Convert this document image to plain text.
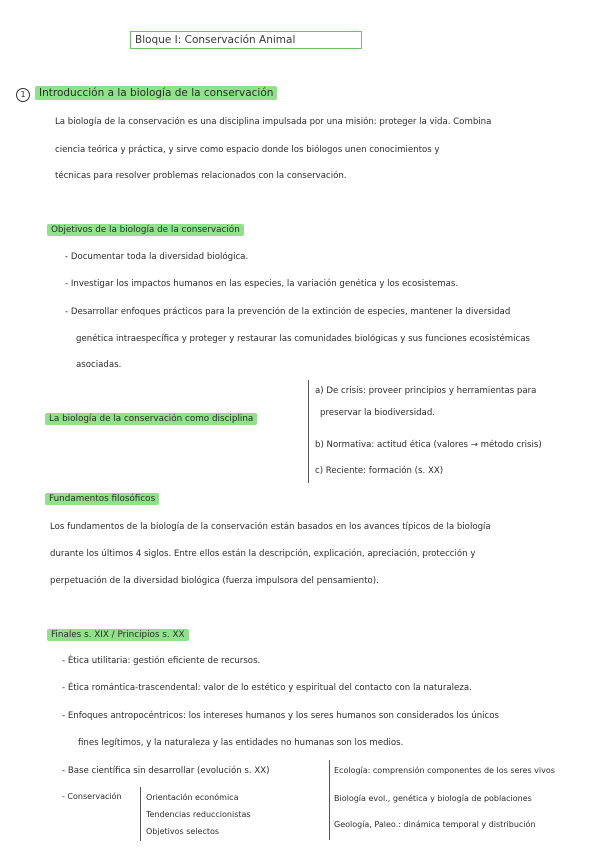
Bloque I: Conservación Animal
1	Introducción a la biología de la conservación
La biología de la conservación es una disciplina impulsada por una misión: proteger la vida. Combina
ciencia teórica y práctica, y sirve como espacio donde los biólogos unen conocimientos y
técnicas para resolver problemas relacionados con la conservación.
Objetivos de la biología de la conservación
- Documentar toda la diversidad biológica.
- Investigar los impactos humanos en las especies, la variación genética y los ecosistemas.
- Desarrollar enfoques prácticos para la prevención de la extinción de especies, mantener la diversidad
genética intraespecífica y proteger y restaurar las comunidades biológicas y sus funciones ecosistémicas
asociadas.
La biología de la conservación como disciplina
a) De crisis: proveer principios y herramientas para
preservar la biodiversidad.
b) Normativa: actitud ética (valores → método crisis)
c) Reciente: formación (s. XX)
Fundamentos filosóficos
Los fundamentos de la biología de la conservación están basados en los avances típicos de la biología
durante los últimos 4 siglos. Entre ellos están la descripción, explicación, apreciación, protección y
perpetuación de la diversidad biológica (fuerza impulsora del pensamiento).
Finales s. XIX / Principios s. XX
- Ética utilitaria: gestión eficiente de recursos.
- Ética romántica-trascendental: valor de lo estético y espiritual del contacto con la naturaleza.
- Enfoques antropocéntricos: los intereses humanos y los seres humanos son considerados los únicos
fines legítimos, y la naturaleza y las entidades no humanas son los medios.
- Base científica sin desarrollar (evolución s. XX)
- Conservación	Orientación económica
Tendencias reduccionistas
Objetivos selectos
Ecología: comprensión componentes de los seres vivos
Biología evol., genética y biología de poblaciones
Geología, Paleo.: dinámica temporal y distribución
